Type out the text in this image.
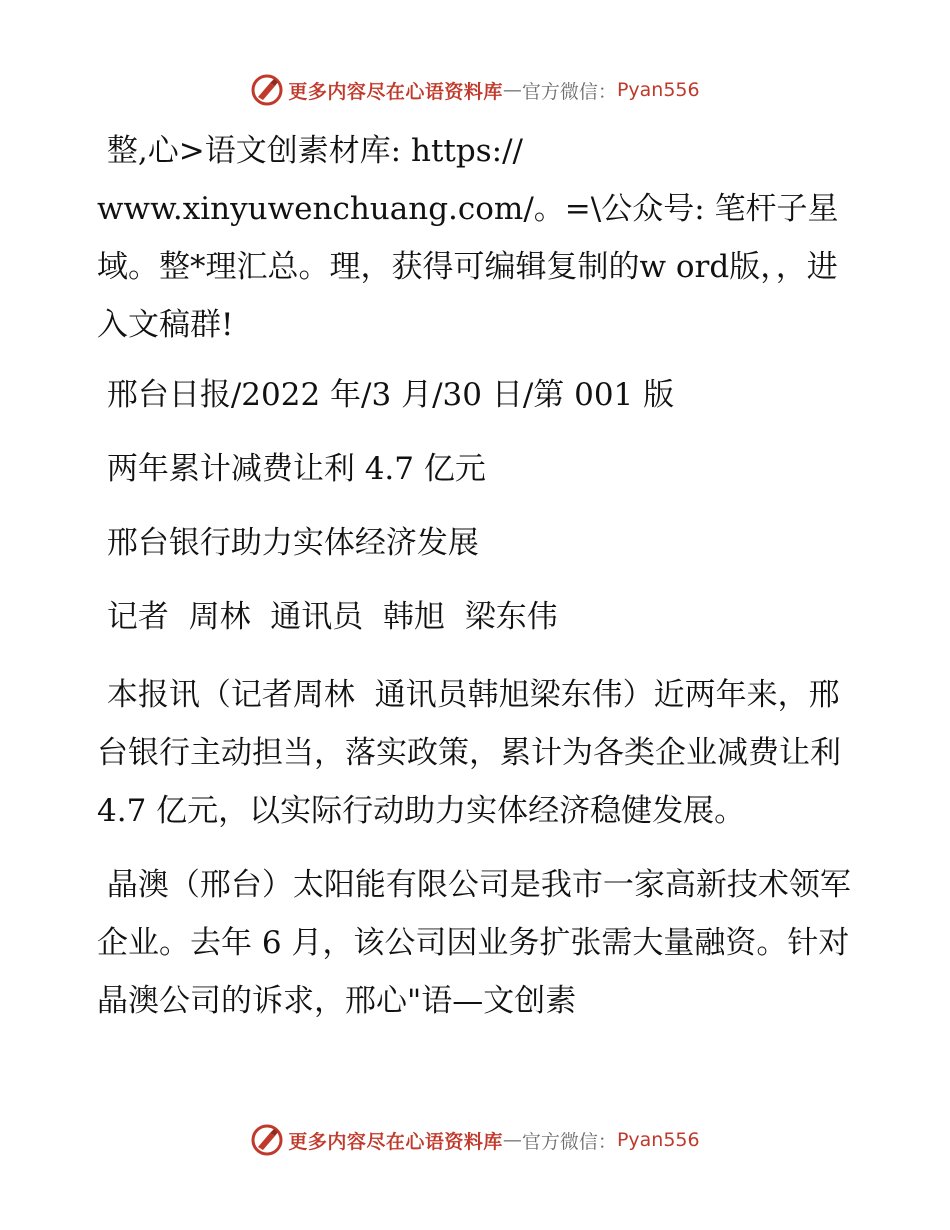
更多内容尽在心语资料库 — 官方微信： Pyan556

整,心>语文创素材库: https://
www.xinyuwenchuang.com/。=\公众号: 笔杆子星域。整*理汇总。理，获得可编辑复制的w ord版，，进入文稿群!

邢台日报/2022 年/3 月/30 日/第 001 版

两年累计减费让利 4.7 亿元

邢台银行助力实体经济发展

记者  周林  通讯员  韩旭  梁东伟

本报讯（记者周林  通讯员韩旭梁东伟）近两年来，邢台银行主动担当，落实政策，累计为各类企业减费让利 4.7 亿元，以实际行动助力实体经济稳健发展。

晶澳（邢台）太阳能有限公司是我市一家高新技术领军企业。去年 6 月，该公司因业务扩张需大量融资。针对晶澳公司的诉求，邢心"语—文创素

更多内容尽在心语资料库 — 官方微信： Pyan556
